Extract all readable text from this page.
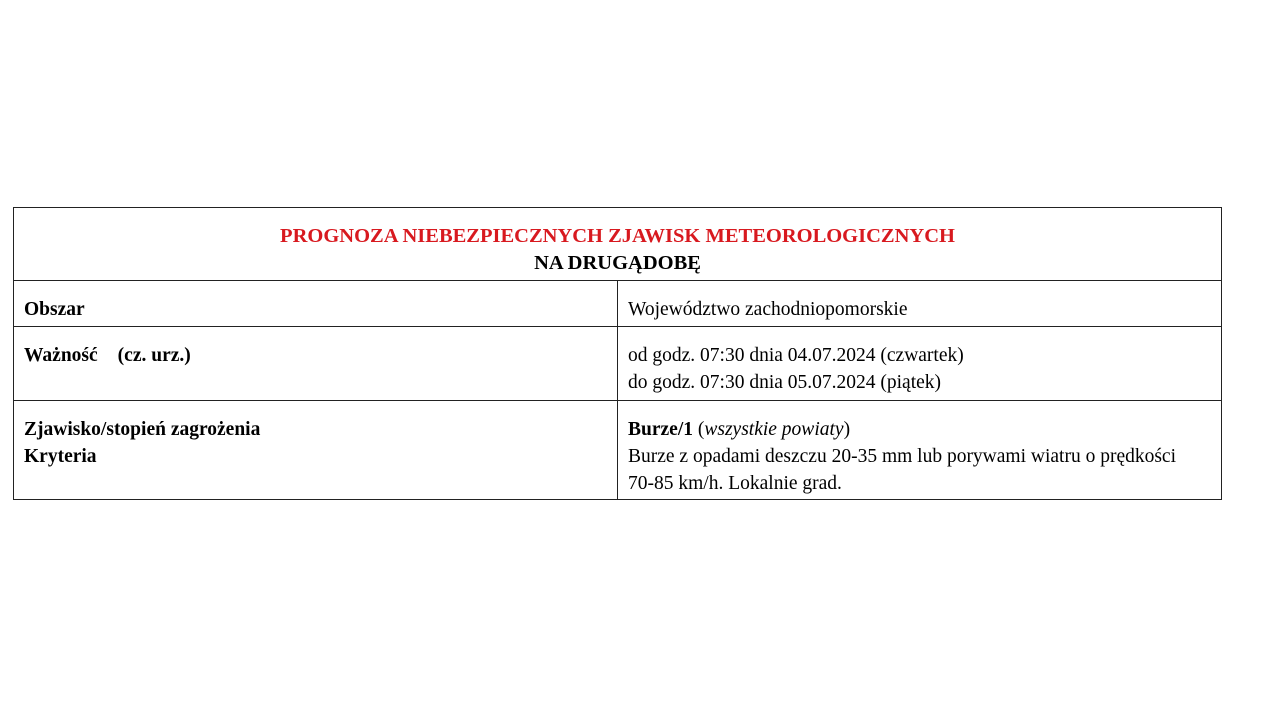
PROGNOZA NIEBEZPIECZNYCH ZJAWISK METEOROLOGICZNYCH
NA DRUGĄDOBĘ	

Obszar	Województwo zachodniopomorskie

Ważność (cz. urz.)	od godz. 07:30 dnia 04.07.2024 (czwartek)
do godz. 07:30 dnia 05.07.2024 (piątek)

Zjawisko/stopień zagrożenia
Kryteria	Burze/1 (wszystkie powiaty)
Burze z opadami deszczu 20-35 mm lub porywami wiatru o prędkości 70-85 km/h. Lokalnie grad.
